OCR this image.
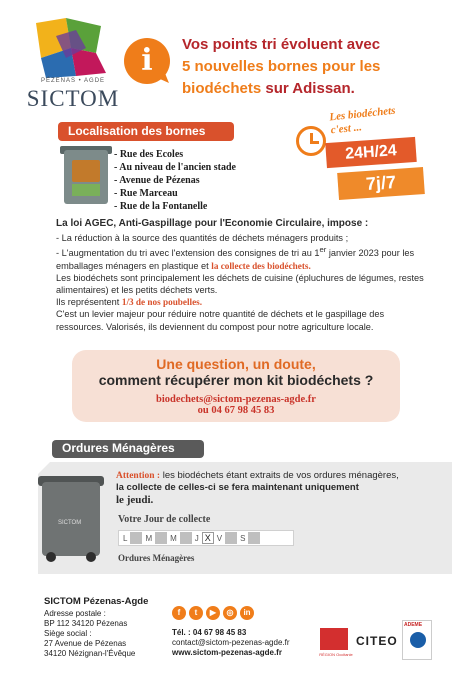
PÉZENAS • AGDE
SICTOM
i	Vos points tri évoluent avec
5 nouvelles bornes pour les
biodéchets sur Adissan.
Localisation des bornes
Les biodéchets
c'est ...
24H/24
7j/7
- Rue des Ecoles
- Au niveau de l'ancien stade
- Avenue de Pézenas
- Rue Marceau
- Rue de la Fontanelle
La loi AGEC, Anti-Gaspillage pour l'Economie Circulaire, impose :
- La réduction à la source des quantités de déchets ménagers produits ;
- L'augmentation du tri avec l'extension des consignes de tri au 1er janvier 2023 pour les emballages ménagers en plastique et la collecte des biodéchets.
Les biodéchets sont principalement les déchets de cuisine (épluchures de légumes, restes alimentaires) et les petits déchets verts.
Ils représentent 1/3 de nos poubelles.
C'est un levier majeur pour réduire notre quantité de déchets et le gaspillage des ressources. Valorisés, ils deviennent du compost pour notre agriculture locale.
Une question, un doute,
comment récupérer mon kit biodéchets ?
biodechets@sictom-pezenas-agde.fr
ou 04 67 98 45 83
Ordures Ménagères
SICTOM
Attention : les biodéchets étant extraits de vos ordures ménagères,
la collecte de celles-ci se fera maintenant uniquement
le jeudi.
Votre Jour de collecte
L M M J X V S
Ordures Ménagères
SICTOM Pézenas-Agde
Adresse postale :
BP 112 34120 Pézenas
Siège social :
27 Avenue de Pézenas
34120 Nézignan-l'Évêque
f	t	▶	◎	in
Tél. : 04 67 98 45 83
contact@sictom-pezenas-agde.fr
www.sictom-pezenas-agde.fr	RÉGION Occitanie
CITEO
ADEME
